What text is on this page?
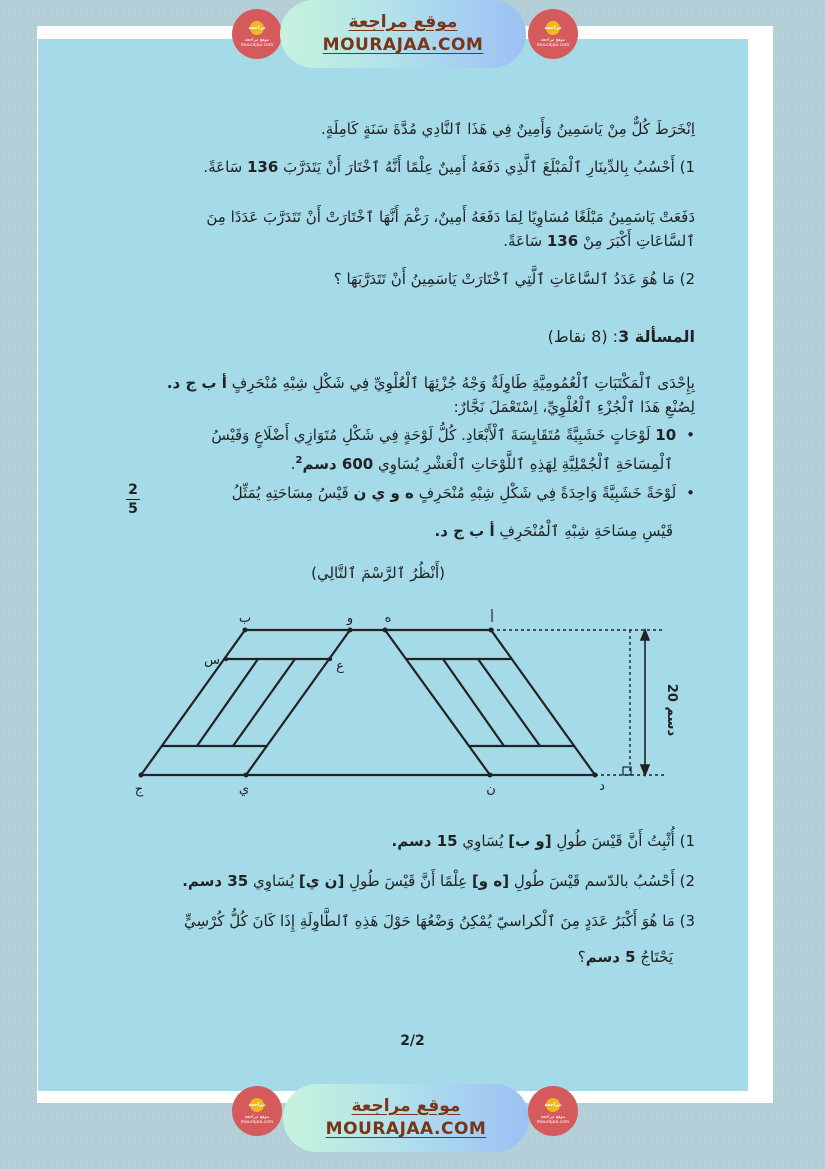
مراجعة
موقع مراجعة
mourajaa.com
موقع مراجعة
MOURAJAA.COM
مراجعة
موقع مراجعة
mourajaa.com
اِنْخَرَطَ كُلٌّ مِنْ يَاسَمِينُ وَأَمِينٌ فِي هَذَا ٱلنَّادِي مُدَّةَ سَنَةٍ كَامِلَةٍ.
1) أَحْسُبُ بِالدِّينَارِ ٱلْمَبْلَغَ ٱلَّذِي دَفَعَهُ أَمِينٌ عِلْمًا أَنَّهُ ٱخْتَارَ أَنْ يَتَدَرَّبَ 136 سَاعَةً.
دَفَعَتْ يَاسَمِينُ مَبْلَغًا مُسَاوِيًا لِمَا دَفَعَهُ أَمِينٌ، رَغْمَ أَنَّهَا ٱخْتَارَتْ أَنْ تَتَدَرَّبَ عَدَدًا مِنَ
ٱلسَّاعَاتِ أَكْبَرَ مِنْ 136 سَاعَةً.
2) مَا هُوَ عَدَدُ ٱلسَّاعَاتِ ٱلَّتِي ٱخْتَارَتْ يَاسَمِينُ أَنْ تَتَدَرَّبَهَا ؟
المسألة 3: (8 نقاط)
بِإِحْدَى ٱلْمَكْتَبَاتِ ٱلْعُمُومِيَّةِ طَاوِلَةٌ وَجْهُ جُزْئِهَا ٱلْعُلْوِيِّ فِي شَكْلِ شِبْهِ مُنْحَرِفٍ أ ب ج د.
لِصُنْعِ هَذَا ٱلْجُزْءِ ٱلْعُلْوِيِّ، اِسْتَعْمَلَ نَجَّارٌ:
• 10 لَوْحَاتٍ خَشَبِيَّةً مُتَقَايِسَةَ ٱلْأَبْعَادِ. كُلُّ لَوْحَةٍ فِي شَكْلِ مُتَوَازِي أَضْلَاعٍ وَقَيْسُ
ٱلْمِسَاحَةِ ٱلْجُمْلِيَّةِ لِهَذِهِ ٱللَّوْحَاتِ ٱلْعَشْرِ يُسَاوِي 600 دسم$^2$.
• لَوْحَةً خَشَبِيَّةً وَاحِدَةً فِي شَكْلِ شِبْهِ مُنْحَرِفٍ ه و ي ن قَيْسُ مِسَاحَتِهِ يُمَثِّلُ
قَيْسِ مِسَاحَةِ شِبْهِ ٱلْمُنْحَرِفِ أ ب ج د.
(أَنْظُرُ ٱلرَّسْمَ ٱلتَّالِي)
1) أُثْبِتُ أَنَّ قَيْسَ طُولِ [و ب] يُسَاوِي 15 دسم.
2) أَحْسُبُ بالدّسم قَيْسَ طُولِ [ه و] عِلْمًا أَنَّ قَيْسَ طُولِ [ن ي] يُسَاوِي 35 دسم.
3) مَا هُوَ أَكْبَرُ عَدَدٍ مِنَ ٱلْكراسيّ يُمْكِنُ وَضْعُهَا حَوْلَ هَذِهِ ٱلطَّاوِلَةِ إِذَا كَانَ كُلُّ كُرْسِيٍّ
يَحْتَاجُ 5 دسم؟
2
5
20 دسم
ب	و ه	أ
س	ع
ج	ي	ن	د
2/2
مراجعة
موقع مراجعة
mourajaa.com
موقع مراجعة
MOURAJAA.COM
مراجعة
موقع مراجعة
mourajaa.com
